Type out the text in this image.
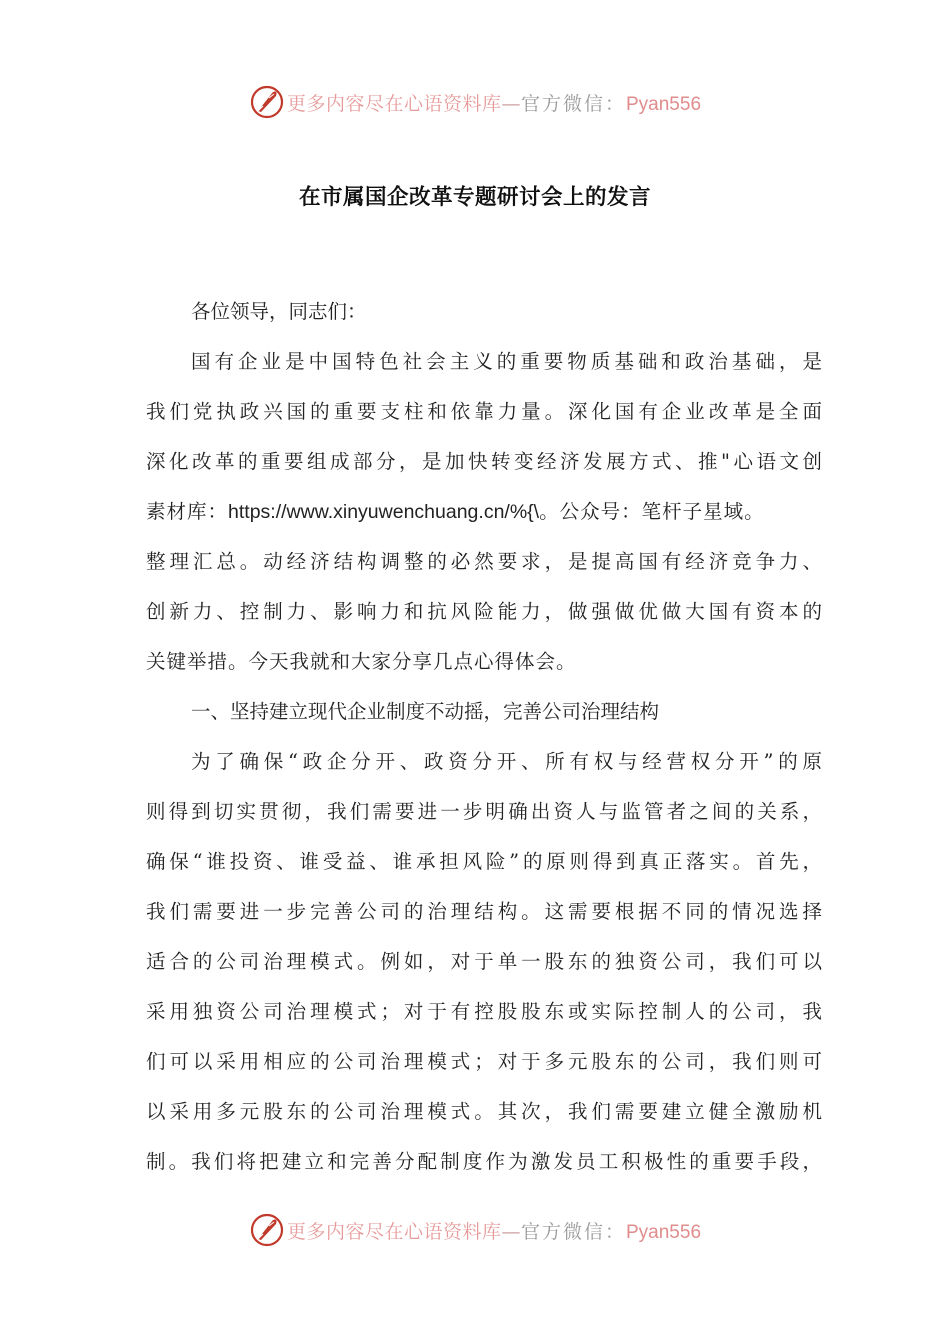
更多内容尽在心语资料库—官方微信：Pyan556
在市属国企改革专题研讨会上的发言
各位领导，同志们：
国有企业是中国特色社会主义的重要物质基础和政治基础，是
我们党执政兴国的重要支柱和依靠力量。深化国有企业改革是全面
深化改革的重要组成部分，是加快转变经济发展方式、推"心语文创
素材库：https://www.xinyuwenchuang.cn/%{\。公众号：笔杆子星域。
整理汇总。动经济结构调整的必然要求，是提高国有经济竞争力、
创新力、控制力、影响力和抗风险能力，做强做优做大国有资本的
关键举措。今天我就和大家分享几点心得体会。
一、坚持建立现代企业制度不动摇，完善公司治理结构
为了确保“政企分开、政资分开、所有权与经营权分开”的原
则得到切实贯彻，我们需要进一步明确出资人与监管者之间的关系，
确保“谁投资、谁受益、谁承担风险”的原则得到真正落实。首先，
我们需要进一步完善公司的治理结构。这需要根据不同的情况选择
适合的公司治理模式。例如，对于单一股东的独资公司，我们可以
采用独资公司治理模式；对于有控股股东或实际控制人的公司，我
们可以采用相应的公司治理模式；对于多元股东的公司，我们则可
以采用多元股东的公司治理模式。其次，我们需要建立健全激励机
制。我们将把建立和完善分配制度作为激发员工积极性的重要手段，
更多内容尽在心语资料库—官方微信：Pyan556
